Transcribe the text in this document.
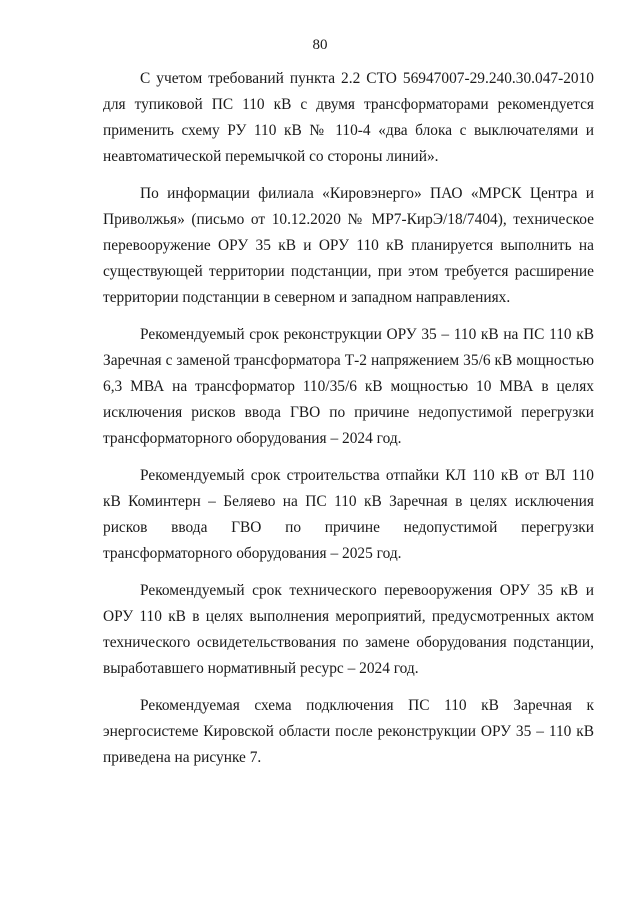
80

С учетом требований пункта 2.2 СТО 56947007-29.240.30.047-2010 для тупиковой ПС 110 кВ с двумя трансформаторами рекомендуется применить схему РУ 110 кВ № 110-4 «два блока с выключателями и неавтоматической перемычкой со стороны линий».

По информации филиала «Кировэнерго» ПАО «МРСК Центра и Приволжья» (письмо от 10.12.2020 № МР7-КирЭ/18/7404), техническое перевооружение ОРУ 35 кВ и ОРУ 110 кВ планируется выполнить на существующей территории подстанции, при этом требуется расширение территории подстанции в северном и западном направлениях.

Рекомендуемый срок реконструкции ОРУ 35 – 110 кВ на ПС 110 кВ Заречная с заменой трансформатора Т-2 напряжением 35/6 кВ мощностью 6,3 МВА на трансформатор 110/35/6 кВ мощностью 10 МВА в целях исключения рисков ввода ГВО по причине недопустимой перегрузки трансформаторного оборудования – 2024 год.

Рекомендуемый срок строительства отпайки КЛ 110 кВ от ВЛ 110 кВ Коминтерн – Беляево на ПС 110 кВ Заречная в целях исключения рисков ввода ГВО по причине недопустимой перегрузки трансформаторного оборудования – 2025 год.

Рекомендуемый срок технического перевооружения ОРУ 35 кВ и ОРУ 110 кВ в целях выполнения мероприятий, предусмотренных актом технического освидетельствования по замене оборудования подстанции, выработавшего нормативный ресурс – 2024 год.

Рекомендуемая схема подключения ПС 110 кВ Заречная к энергосистеме Кировской области после реконструкции ОРУ 35 – 110 кВ приведена на рисунке 7.
